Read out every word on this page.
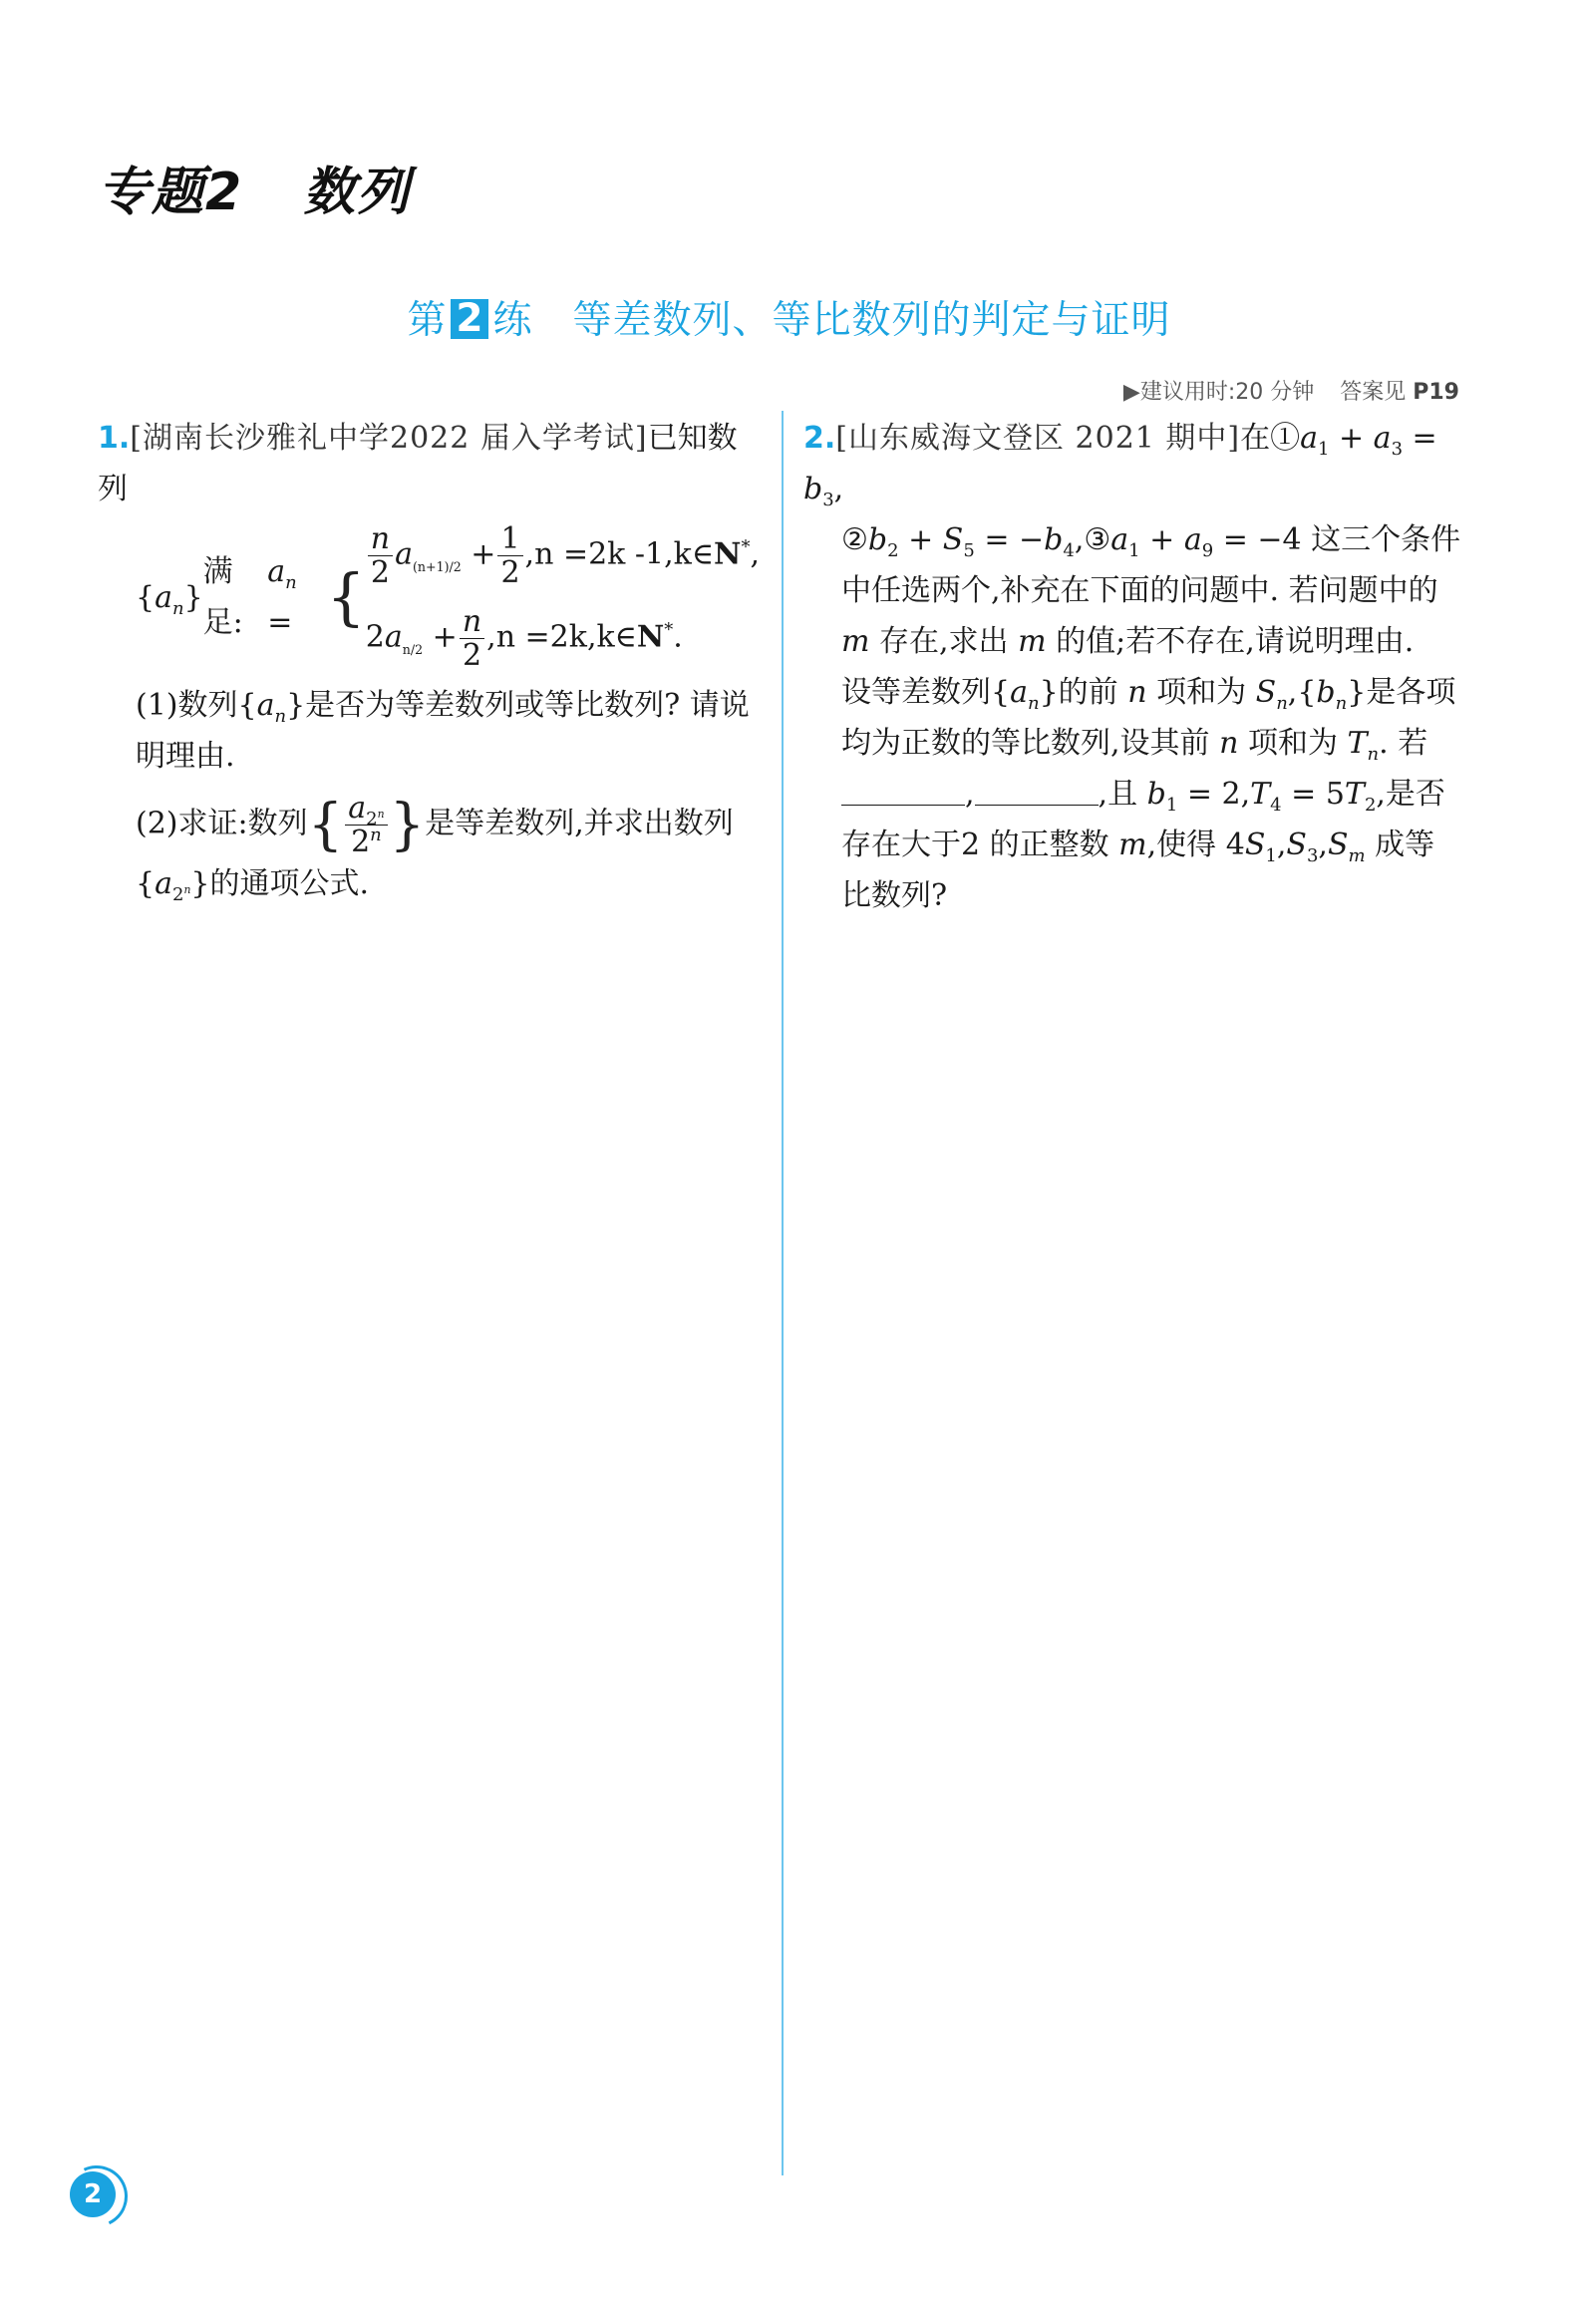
专题2 数列
第 2 练 等差数列、等比数列的判定与证明
▶建议用时:20 分钟 答案见 P19
1.[湖南长沙雅礼中学2022 届入学考试]已知数列
$\{a_n\}$
满足:
$a_n$ = {
$\frac{n}{2} a_{(n+1)/2} + \frac{1}{2} ,n =2k$ -1,k∈N*,
$2a_{n/2} + \frac{n}{2} ,n$ =2k,k∈N*.
(1)数列$\{a_n\}$是否为等差数列或等比数列? 请说明理由.
(2)求证:数列{ $\frac{a_{2^n}}{2^n}$ }是等差数列,并求出数列
$\{a_{2^n}\}$的通项公式.
2.[山东威海文登区 2021 期中]在$①a_1 + a_3 = b_3$,
$②b_2 + S_5$ = $-b_4,③a_1 + a_9 = -4$ 这三个条件中任选两个,补充在下面的问题中. 若问题中的 m 存在,求出 m 的值;若不存在,请说明理由.
设等差数列$\{a_n\}$的前 n 项和为 $S_n,\{b_n\}$是各项均为正数的等比数列,设其前 n 项和为 $T_n$. 若
,	,且 $b_1 = 2,T_4 = 5T_2$,是否存在大于2 的正整数 m,使得 $4S_1,S_3,S_m$ 成等比数列?
2
